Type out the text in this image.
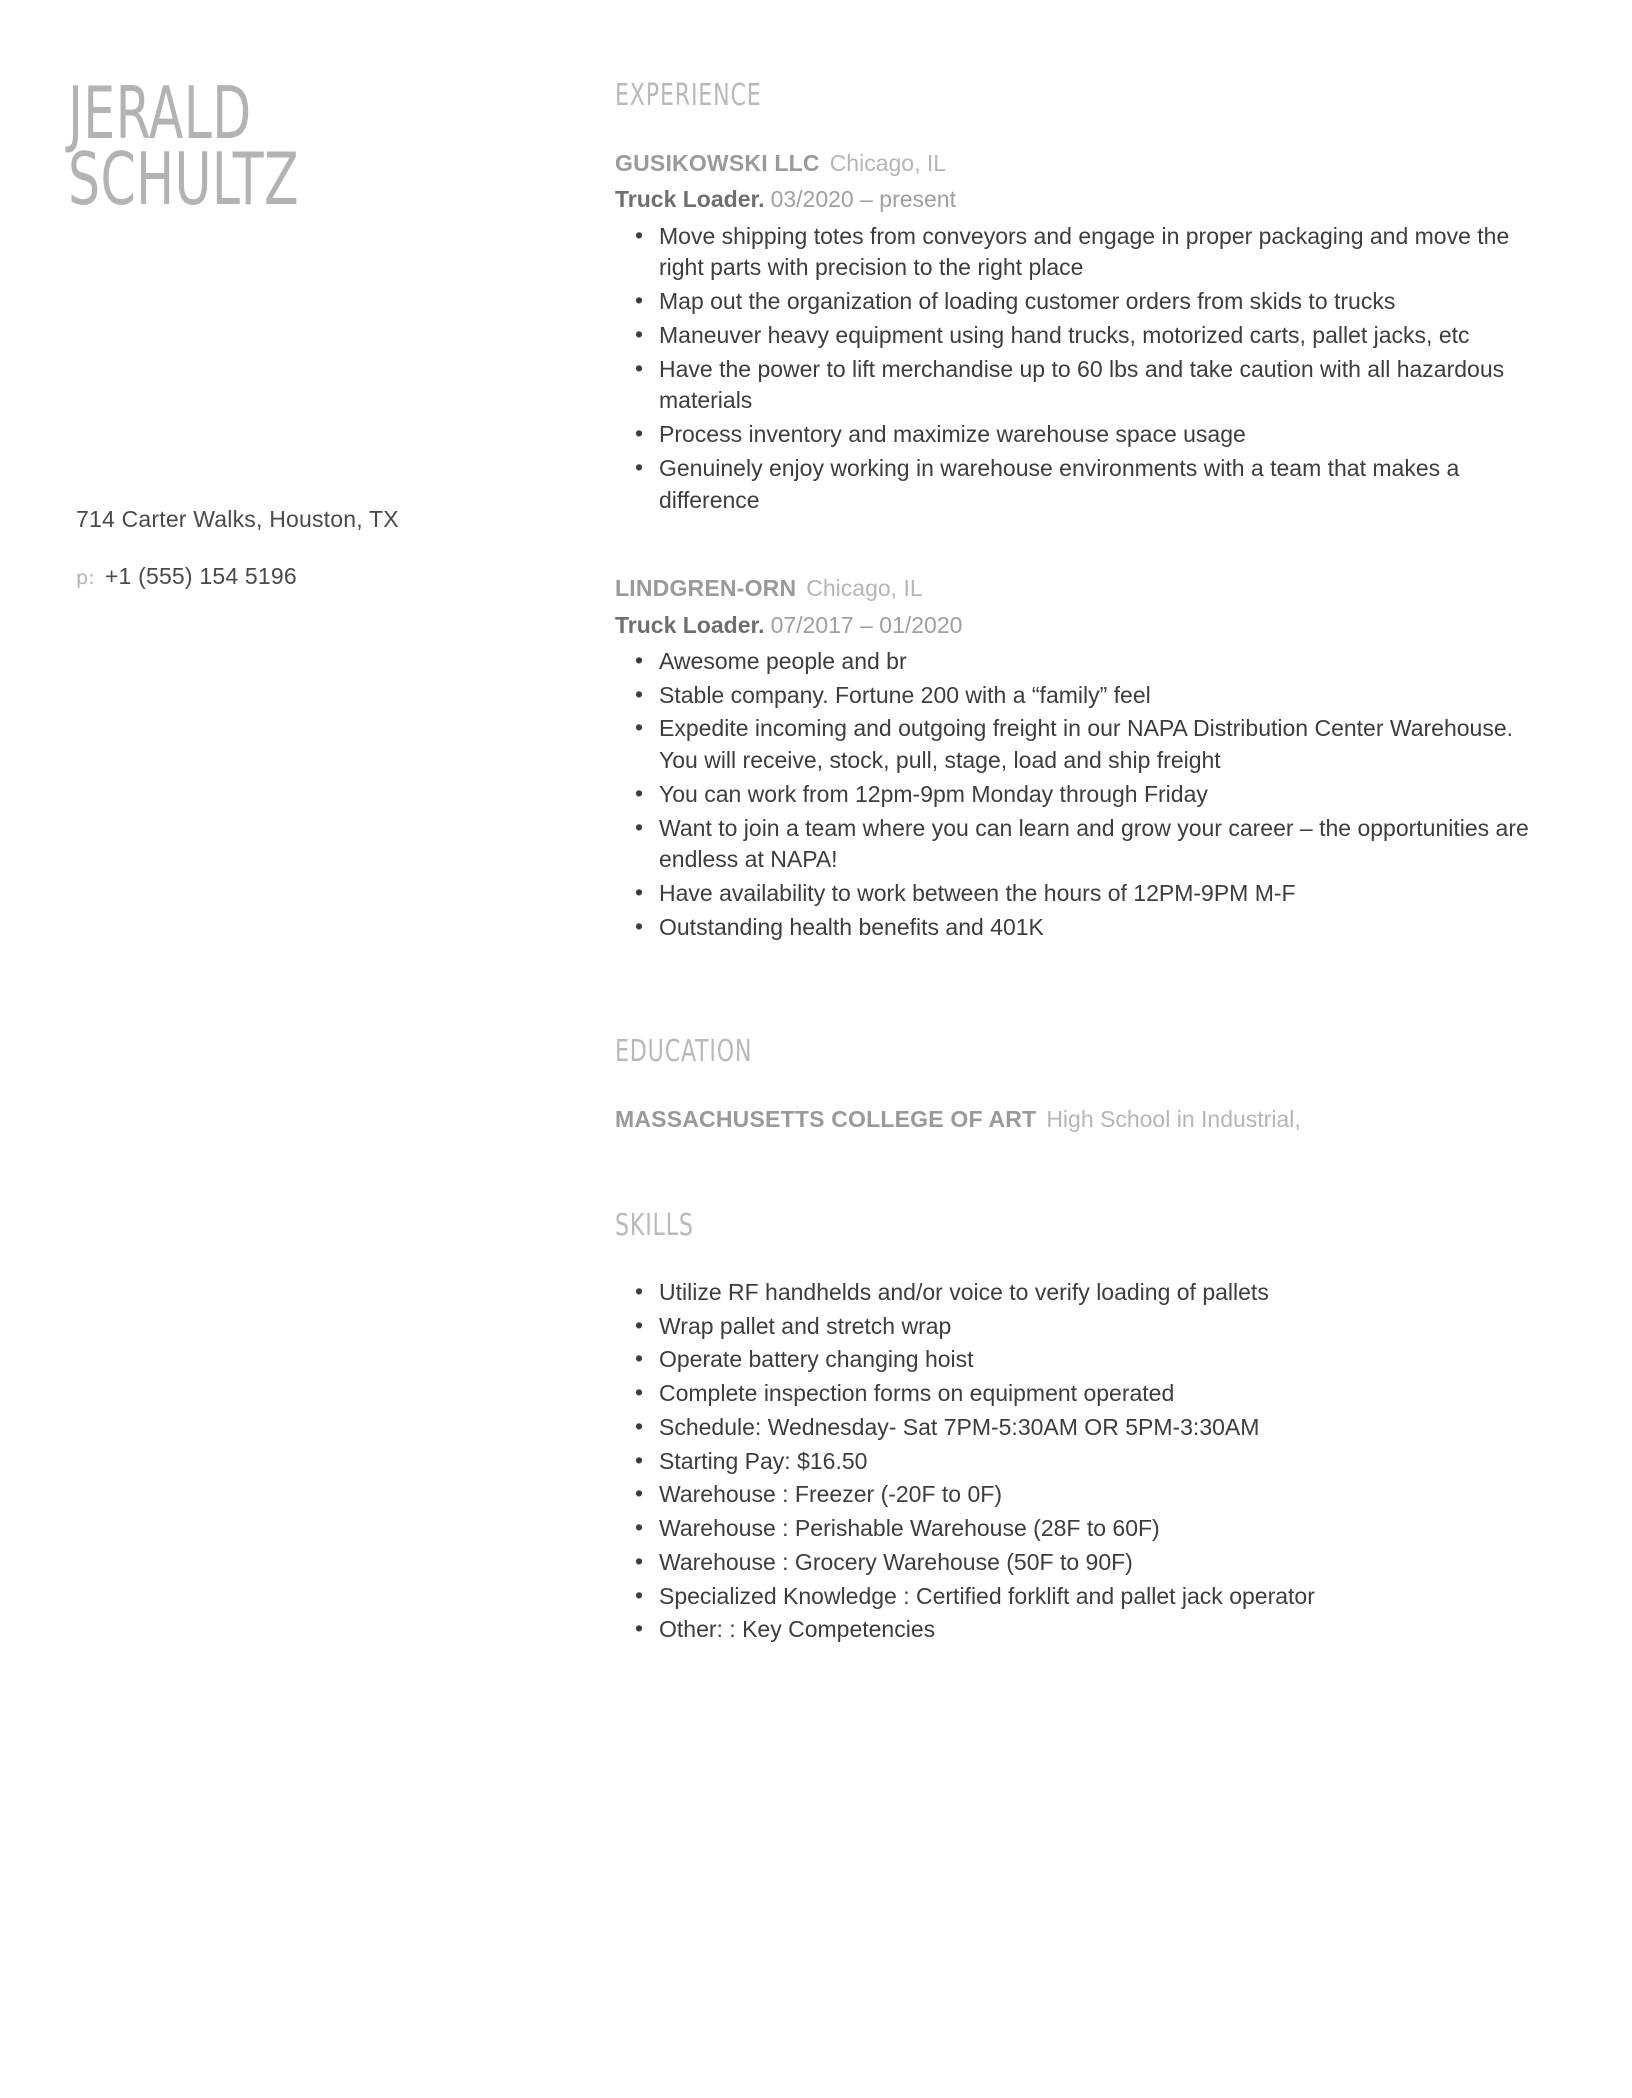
JERALD
SCHULTZ
714 Carter Walks, Houston, TX
p: +1 (555) 154 5196
EXPERIENCE
GUSIKOWSKI LLC Chicago, IL
Truck Loader. 03/2020 – present
• Move shipping totes from conveyors and engage in proper packaging and move the right parts with precision to the right place
• Map out the organization of loading customer orders from skids to trucks
• Maneuver heavy equipment using hand trucks, motorized carts, pallet jacks, etc
• Have the power to lift merchandise up to 60 lbs and take caution with all hazardous materials
• Process inventory and maximize warehouse space usage
• Genuinely enjoy working in warehouse environments with a team that makes a difference
LINDGREN-ORN Chicago, IL
Truck Loader. 07/2017 – 01/2020
• Awesome people and br
• Stable company. Fortune 200 with a “family” feel
• Expedite incoming and outgoing freight in our NAPA Distribution Center Warehouse. You will receive, stock, pull, stage, load and ship freight
• You can work from 12pm-9pm Monday through Friday
• Want to join a team where you can learn and grow your career – the opportunities are endless at NAPA!
• Have availability to work between the hours of 12PM-9PM M-F
• Outstanding health benefits and 401K
EDUCATION
MASSACHUSETTS COLLEGE OF ART High School in Industrial,
SKILLS
• Utilize RF handhelds and/or voice to verify loading of pallets
• Wrap pallet and stretch wrap
• Operate battery changing hoist
• Complete inspection forms on equipment operated
• Schedule: Wednesday- Sat 7PM-5:30AM OR 5PM-3:30AM
• Starting Pay: $16.50
• Warehouse : Freezer (-20F to 0F)
• Warehouse : Perishable Warehouse (28F to 60F)
• Warehouse : Grocery Warehouse (50F to 90F)
• Specialized Knowledge : Certified forklift and pallet jack operator
• Other: : Key Competencies
